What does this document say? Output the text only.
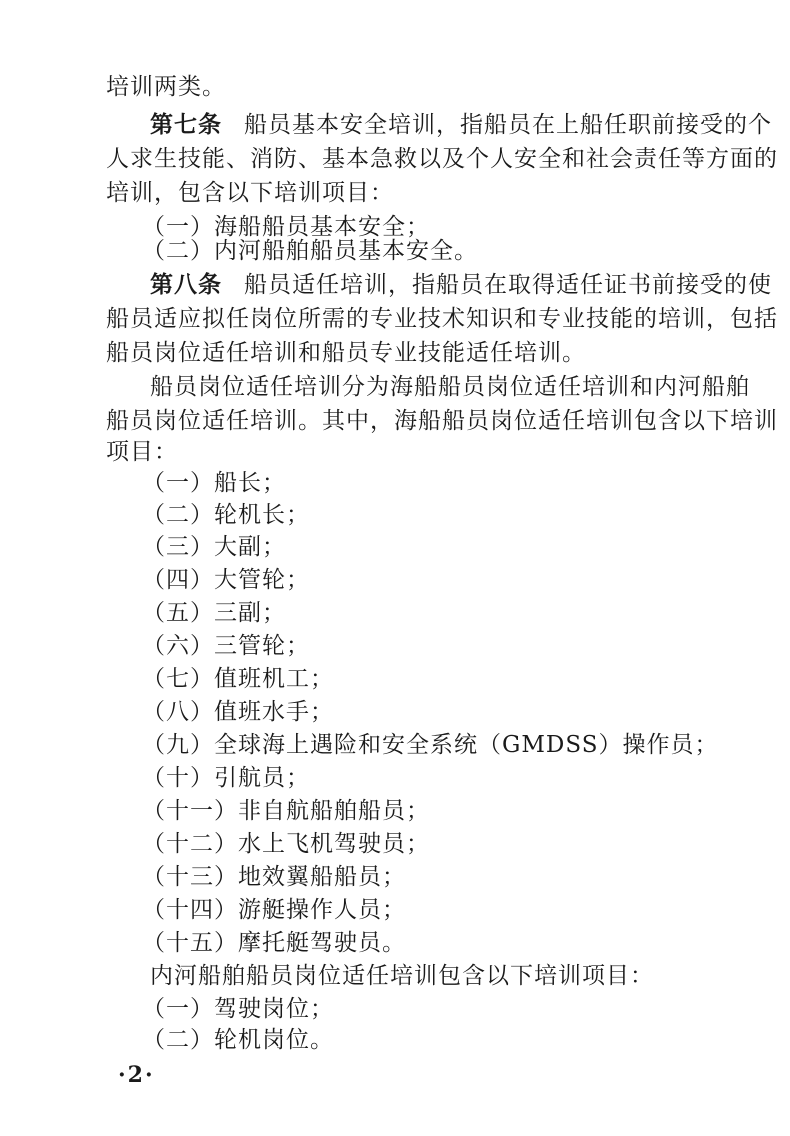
培训两类。
第七条 船员基本安全培训，指船员在上船任职前接受的个
人求生技能、消防、基本急救以及个人安全和社会责任等方面的
培训，包含以下培训项目：
（一）海船船员基本安全；
（二）内河船舶船员基本安全。
第八条 船员适任培训，指船员在取得适任证书前接受的使
船员适应拟任岗位所需的专业技术知识和专业技能的培训，包括
船员岗位适任培训和船员专业技能适任培训。
船员岗位适任培训分为海船船员岗位适任培训和内河船舶
船员岗位适任培训。其中，海船船员岗位适任培训包含以下培训
项目：
（一）船长；
（二）轮机长；
（三）大副；
（四）大管轮；
（五）三副；
（六）三管轮；
（七）值班机工；
（八）值班水手；
（九）全球海上遇险和安全系统（GMDSS）操作员；
（十）引航员；
（十一）非自航船舶船员；
（十二）水上飞机驾驶员；
（十三）地效翼船船员；
（十四）游艇操作人员；
（十五）摩托艇驾驶员。
内河船舶船员岗位适任培训包含以下培训项目：
（一）驾驶岗位；
（二）轮机岗位。
·2·
